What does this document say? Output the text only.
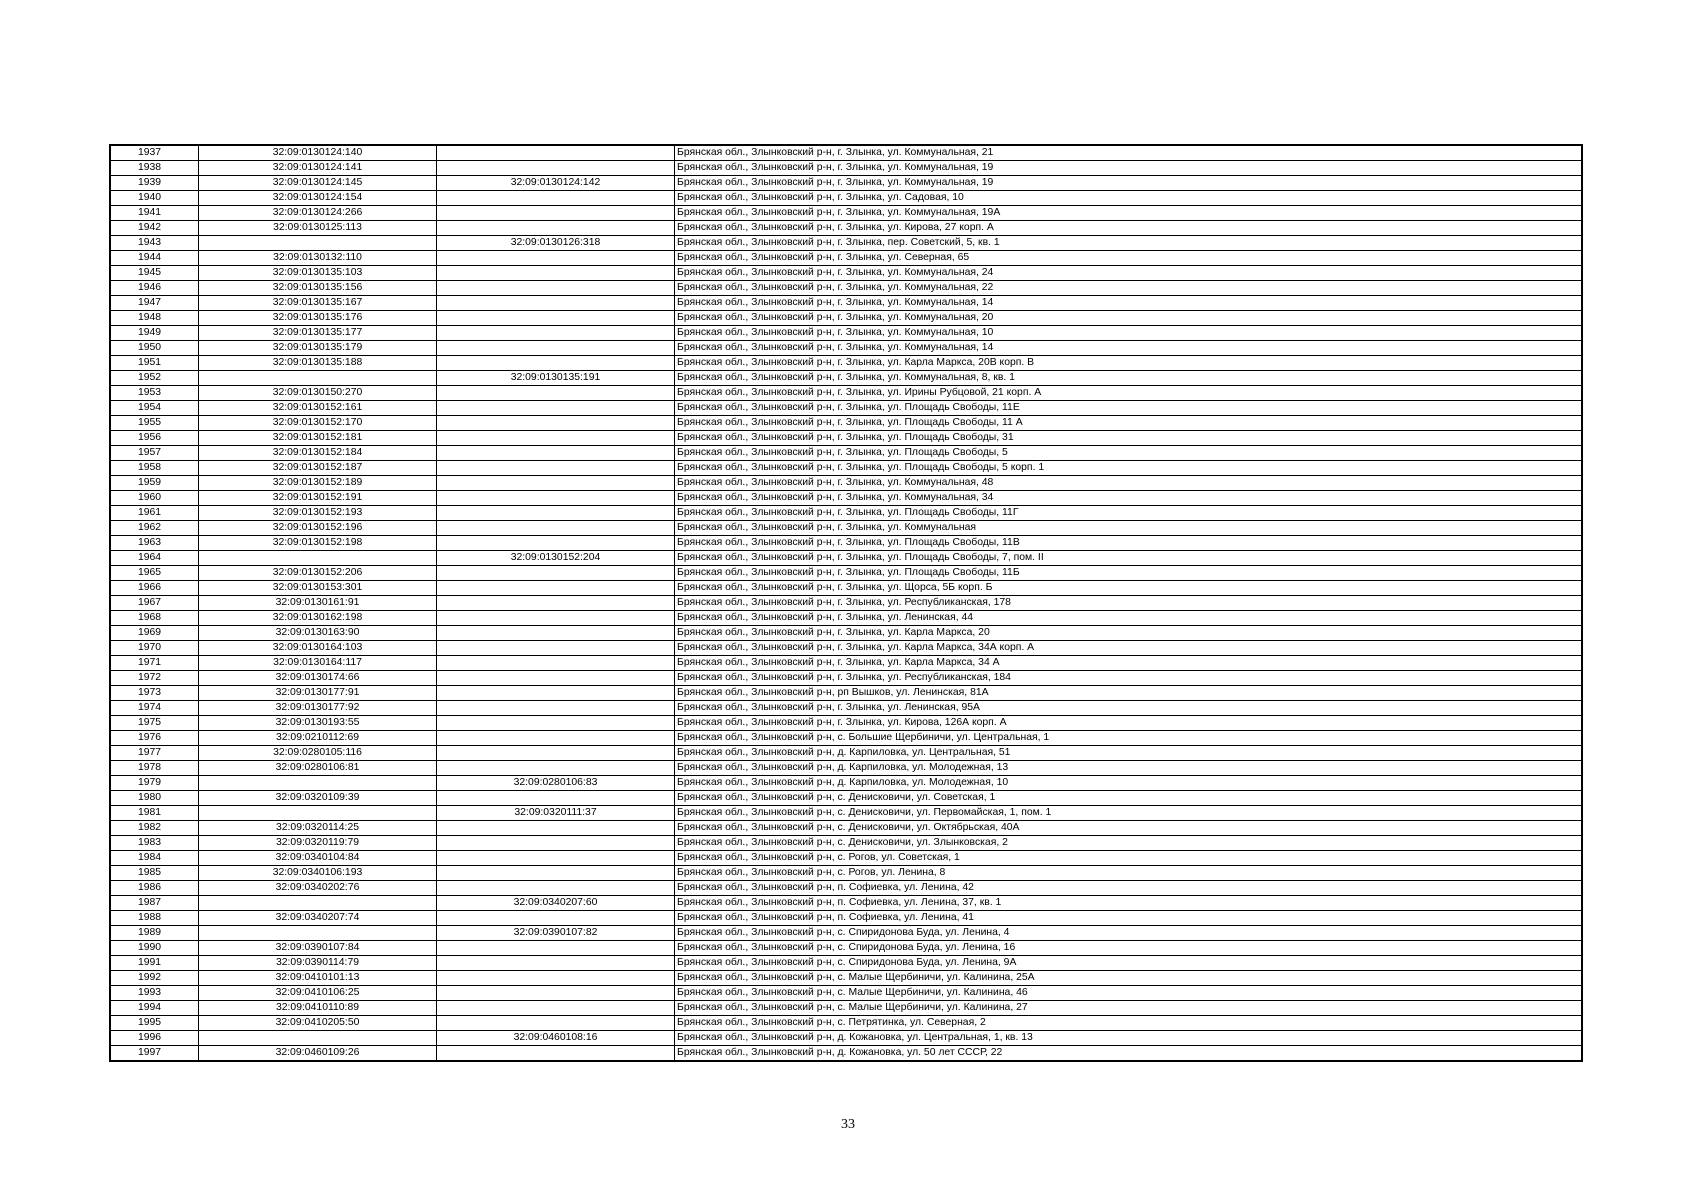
1937	32:09:0130124:140		Брянская обл., Злынковский р-н, г. Злынка, ул. Коммунальная, 21
1938	32:09:0130124:141		Брянская обл., Злынковский р-н, г. Злынка, ул. Коммунальная, 19
1939	32:09:0130124:145	32:09:0130124:142	Брянская обл., Злынковский р-н, г. Злынка, ул. Коммунальная, 19
1940	32:09:0130124:154		Брянская обл., Злынковский р-н, г. Злынка, ул. Садовая, 10
1941	32:09:0130124:266		Брянская обл., Злынковский р-н, г. Злынка, ул. Коммунальная, 19А
1942	32:09:0130125:113		Брянская обл., Злынковский р-н, г. Злынка, ул. Кирова, 27 корп. А
1943		32:09:0130126:318	Брянская обл., Злынковский р-н, г. Злынка, пер. Советский, 5, кв. 1
1944	32:09:0130132:110		Брянская обл., Злынковский р-н, г. Злынка, ул. Северная, 65
1945	32:09:0130135:103		Брянская обл., Злынковский р-н, г. Злынка, ул. Коммунальная, 24
1946	32:09:0130135:156		Брянская обл., Злынковский р-н, г. Злынка, ул. Коммунальная, 22
1947	32:09:0130135:167		Брянская обл., Злынковский р-н, г. Злынка, ул. Коммунальная, 14
1948	32:09:0130135:176		Брянская обл., Злынковский р-н, г. Злынка, ул. Коммунальная, 20
1949	32:09:0130135:177		Брянская обл., Злынковский р-н, г. Злынка, ул. Коммунальная, 10
1950	32:09:0130135:179		Брянская обл., Злынковский р-н, г. Злынка, ул. Коммунальная, 14
1951	32:09:0130135:188		Брянская обл., Злынковский р-н, г. Злынка, ул. Карла Маркса, 20В корп. В
1952		32:09:0130135:191	Брянская обл., Злынковский р-н, г. Злынка, ул. Коммунальная, 8, кв. 1
1953	32:09:0130150:270		Брянская обл., Злынковский р-н, г. Злынка, ул. Ирины Рубцовой, 21 корп. А
1954	32:09:0130152:161		Брянская обл., Злынковский р-н, г. Злынка, ул. Площадь Свободы, 11Е
1955	32:09:0130152:170		Брянская обл., Злынковский р-н, г. Злынка, ул. Площадь Свободы, 11 А
1956	32:09:0130152:181		Брянская обл., Злынковский р-н, г. Злынка, ул. Площадь Свободы, 31
1957	32:09:0130152:184		Брянская обл., Злынковский р-н, г. Злынка, ул. Площадь Свободы, 5
1958	32:09:0130152:187		Брянская обл., Злынковский р-н, г. Злынка, ул. Площадь Свободы, 5 корп. 1
1959	32:09:0130152:189		Брянская обл., Злынковский р-н, г. Злынка, ул. Коммунальная, 48
1960	32:09:0130152:191		Брянская обл., Злынковский р-н, г. Злынка, ул. Коммунальная, 34
1961	32:09:0130152:193		Брянская обл., Злынковский р-н, г. Злынка, ул. Площадь Свободы, 11Г
1962	32:09:0130152:196		Брянская обл., Злынковский р-н, г. Злынка, ул. Коммунальная
1963	32:09:0130152:198		Брянская обл., Злынковский р-н, г. Злынка, ул. Площадь Свободы, 11В
1964		32:09:0130152:204	Брянская обл., Злынковский р-н, г. Злынка, ул. Площадь Свободы, 7, пом. II
1965	32:09:0130152:206		Брянская обл., Злынковский р-н, г. Злынка, ул. Площадь Свободы, 11Б
1966	32:09:0130153:301		Брянская обл., Злынковский р-н, г. Злынка, ул. Щорса, 5Б корп. Б
1967	32:09:0130161:91		Брянская обл., Злынковский р-н, г. Злынка, ул. Республиканская, 178
1968	32:09:0130162:198		Брянская обл., Злынковский р-н, г. Злынка, ул. Ленинская, 44
1969	32:09:0130163:90		Брянская обл., Злынковский р-н, г. Злынка, ул. Карла Маркса, 20
1970	32:09:0130164:103		Брянская обл., Злынковский р-н, г. Злынка, ул. Карла Маркса, 34А корп. А
1971	32:09:0130164:117		Брянская обл., Злынковский р-н, г. Злынка, ул. Карла Маркса, 34 А
1972	32:09:0130174:66		Брянская обл., Злынковский р-н, г. Злынка, ул. Республиканская, 184
1973	32:09:0130177:91		Брянская обл., Злынковский р-н, рп Вышков, ул. Ленинская, 81А
1974	32:09:0130177:92		Брянская обл., Злынковский р-н, г. Злынка, ул. Ленинская, 95А
1975	32:09:0130193:55		Брянская обл., Злынковский р-н, г. Злынка, ул. Кирова, 126А корп. А
1976	32:09:0210112:69		Брянская обл., Злынковский р-н, с. Большие Щербиничи, ул. Центральная, 1
1977	32:09:0280105:116		Брянская обл., Злынковский р-н, д. Карпиловка, ул. Центральная, 51
1978	32:09:0280106:81		Брянская обл., Злынковский р-н, д. Карпиловка, ул. Молодежная, 13
1979		32:09:0280106:83	Брянская обл., Злынковский р-н, д. Карпиловка, ул. Молодежная, 10
1980	32:09:0320109:39		Брянская обл., Злынковский р-н, с. Денисковичи, ул. Советская, 1
1981		32:09:0320111:37	Брянская обл., Злынковский р-н, с. Денисковичи, ул. Первомайская, 1, пом. 1
1982	32:09:0320114:25		Брянская обл., Злынковский р-н, с. Денисковичи, ул. Октябрьская, 40А
1983	32:09:0320119:79		Брянская обл., Злынковский р-н, с. Денисковичи, ул. Злынковская, 2
1984	32:09:0340104:84		Брянская обл., Злынковский р-н, с. Рогов, ул. Советская, 1
1985	32:09:0340106:193		Брянская обл., Злынковский р-н, с. Рогов, ул. Ленина, 8
1986	32:09:0340202:76		Брянская обл., Злынковский р-н, п. Софиевка, ул. Ленина, 42
1987		32:09:0340207:60	Брянская обл., Злынковский р-н, п. Софиевка, ул. Ленина, 37, кв. 1
1988	32:09:0340207:74		Брянская обл., Злынковский р-н, п. Софиевка, ул. Ленина, 41
1989		32:09:0390107:82	Брянская обл., Злынковский р-н, с. Спиридонова Буда, ул. Ленина, 4
1990	32:09:0390107:84		Брянская обл., Злынковский р-н, с. Спиридонова Буда, ул. Ленина, 16
1991	32:09:0390114:79		Брянская обл., Злынковский р-н, с. Спиридонова Буда, ул. Ленина, 9А
1992	32:09:0410101:13		Брянская обл., Злынковский р-н, с. Малые Щербиничи, ул. Калинина, 25А
1993	32:09:0410106:25		Брянская обл., Злынковский р-н, с. Малые Щербиничи, ул. Калинина, 46
1994	32:09:0410110:89		Брянская обл., Злынковский р-н, с. Малые Щербиничи, ул. Калинина, 27
1995	32:09:0410205:50		Брянская обл., Злынковский р-н, с. Петрятинка, ул. Северная, 2
1996		32:09:0460108:16	Брянская обл., Злынковский р-н, д. Кожановка, ул. Центральная, 1, кв. 13
1997	32:09:0460109:26		Брянская обл., Злынковский р-н, д. Кожановка, ул. 50 лет СССР, 22
33
